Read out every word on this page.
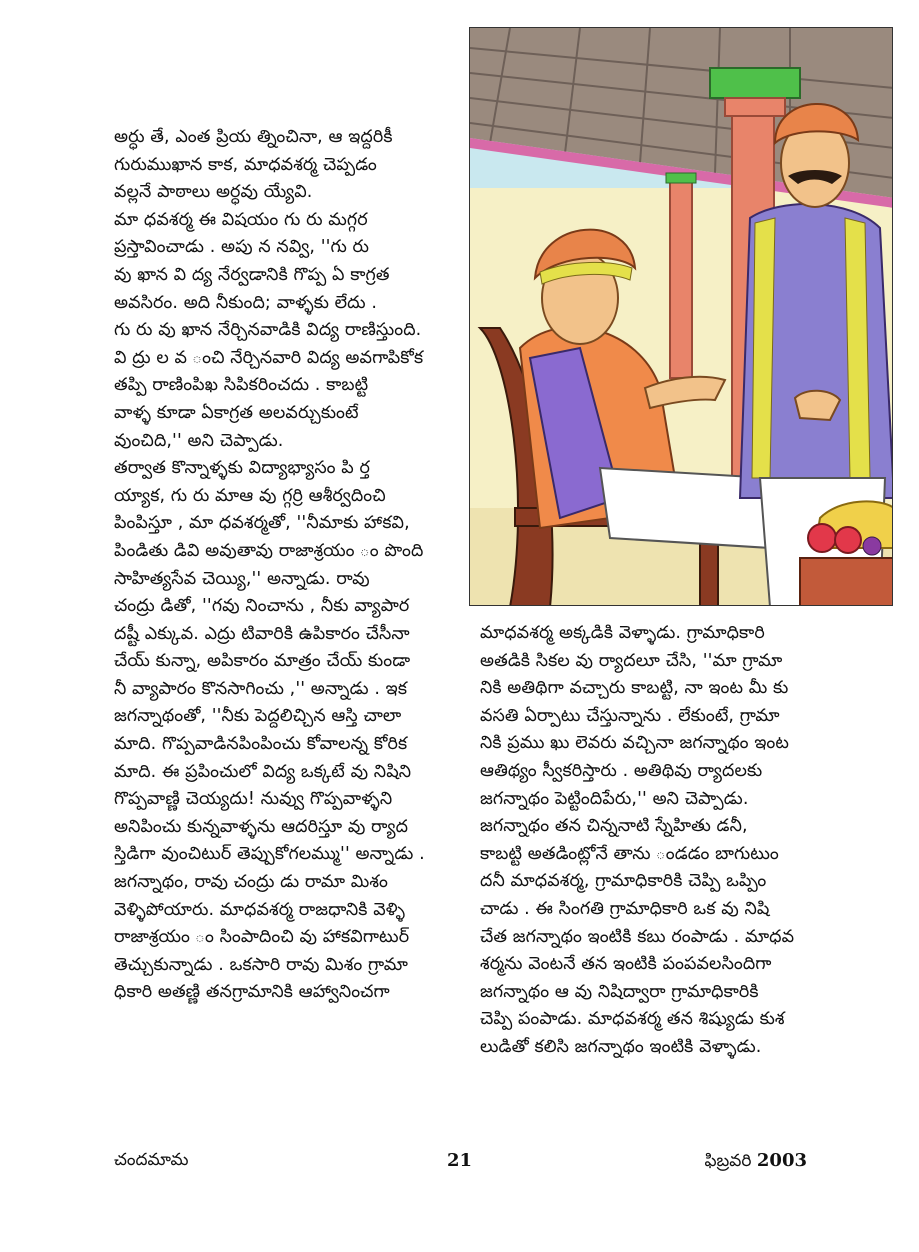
అర్ధు తే, ఎంత ప్రియ త్నించినా, ఆ ఇద్దరికీ
గురుముఖాన కాక, మాధవశర్మ చెప్పడం
వల్లనే పాఠాలు అర్ధవు య్యేవి.

మా ధవశర్మ ఈ విషయం గు రు మగ్గర
ప్రస్తావించాడు . అపు న నవ్వి, ''గు రు
వు ఖాన వి ద్య నేర్వడానికి గొప్ప ఏ కాగ్రత
అవసిరం. అది నీకుంది; వాళ్ళకు లేదు .
గు రు వు ఖాన నేర్చినవాడికి విద్య రాణిస్తుంది.
వి ద్రు ల వ ంచి నేర్చినవారి విద్య అవగాపికోక
తప్పి రాణింపిఖ సిపికరించదు . కాబట్టి
వాళ్ళ కూడా ఏకాగ్రత అలవర్చుకుంటే
వుంచిది,'' అని చెప్పాడు.

తర్వాత కొన్నాళ్ళకు విద్యాభ్యాసం పి ర్త
య్యాక, గు రు మాఆ వు గ్గర్రి ఆశీర్వదించి
పింపిస్తూ , మా ధవశర్మతో, ''నీమాకు హాకవి,
పిండితు డివి అవుతావు రాజాశ్రయం ం పొంది
సాహిత్యసేవ చెయ్యి,'' అన్నాడు. రావు
చంద్రు డితో, ''గవు నించాను , నీకు వ్యాపార
దష్టీ ఎక్కువ. ఎద్రు టివారికి ఉపికారం చేసీనా
చేయ్ కున్నా, అపికారం మాత్రం చేయ్ కుండా
నీ వ్యాపారం కొనసాగించు ,'' అన్నాడు . ఇక
జగన్నాథంతో, ''నీకు పెద్దలిచ్చిన ఆస్తి చాలా
మాది. గొప్పవాడినపింపించు కోవాలన్న కోరిక
మాది. ఈ ప్రపించులో విద్య ఒక్కటే వు నిషిని
గొప్పవాణ్ణి చెయ్యదు! నువ్వు గొప్పవాళ్ళని
అనిపించు కున్నవాళ్ళను ఆదరిస్తూ వు ర్యాద
స్తిడిగా వుంచిటుర్ తెప్పుకోగలమ్ము'' అన్నాడు .

జగన్నాథం, రావు చంద్రు డు రామా మిశం
వెళ్ళిపోయారు. మాధవశర్మ రాజధానికి వెళ్ళి
రాజాశ్రయం ం సింపాదించి వు హాకవిగాటుర్
తెచ్చుకున్నాడు . ఒకసారి రావు మిశం గ్రామా
ధికారి అతణ్ణి తనగ్రామానికి ఆహ్వానించగా

మాధవశర్మ అక్కడికి వెళ్ళాడు. గ్రామాధికారి
అతడికి సికల వు ర్యాదలూ చేసి, ''మా గ్రామా
నికి అతిథిగా వచ్చారు కాబట్టి, నా ఇంట మీ కు
వసతి ఏర్పాటు చేస్తున్నాను . లేకుంటే, గ్రామా
నికి ప్రము ఖు లెవరు వచ్చినా జగన్నాథం ఇంట
ఆతిథ్యం స్వీకరిస్తారు . అతిథివు ర్యాదలకు
జగన్నాథం పెట్టిందిపేరు,'' అని చెప్పాడు.

జగన్నాథం తన చిన్ననాటి స్నేహితు డనీ,
కాబట్టి అతడింట్లోనే తాను ండడం బాగుటుం
దనీ మాధవశర్మ, గ్రామాధికారికి చెప్పి ఒప్పిం
చాడు . ఈ సింగతి గ్రామాధికారి ఒక వు నిషి
చేత జగన్నాథం ఇంటికి కబు రంపాడు . మాధవ
శర్మను వెంటనే తన ఇంటికి పంపవలసిందిగా
జగన్నాథం ఆ వు నిషిద్వారా గ్రామాధికారికి
చెప్పి పంపాడు. మాధవశర్మ తన శిష్యుడు కుశ
లుడితో కలిసి జగన్నాథం ఇంటికి వెళ్ళాడు.

చందమామ	21	ఫిబ్రవరి 2003
